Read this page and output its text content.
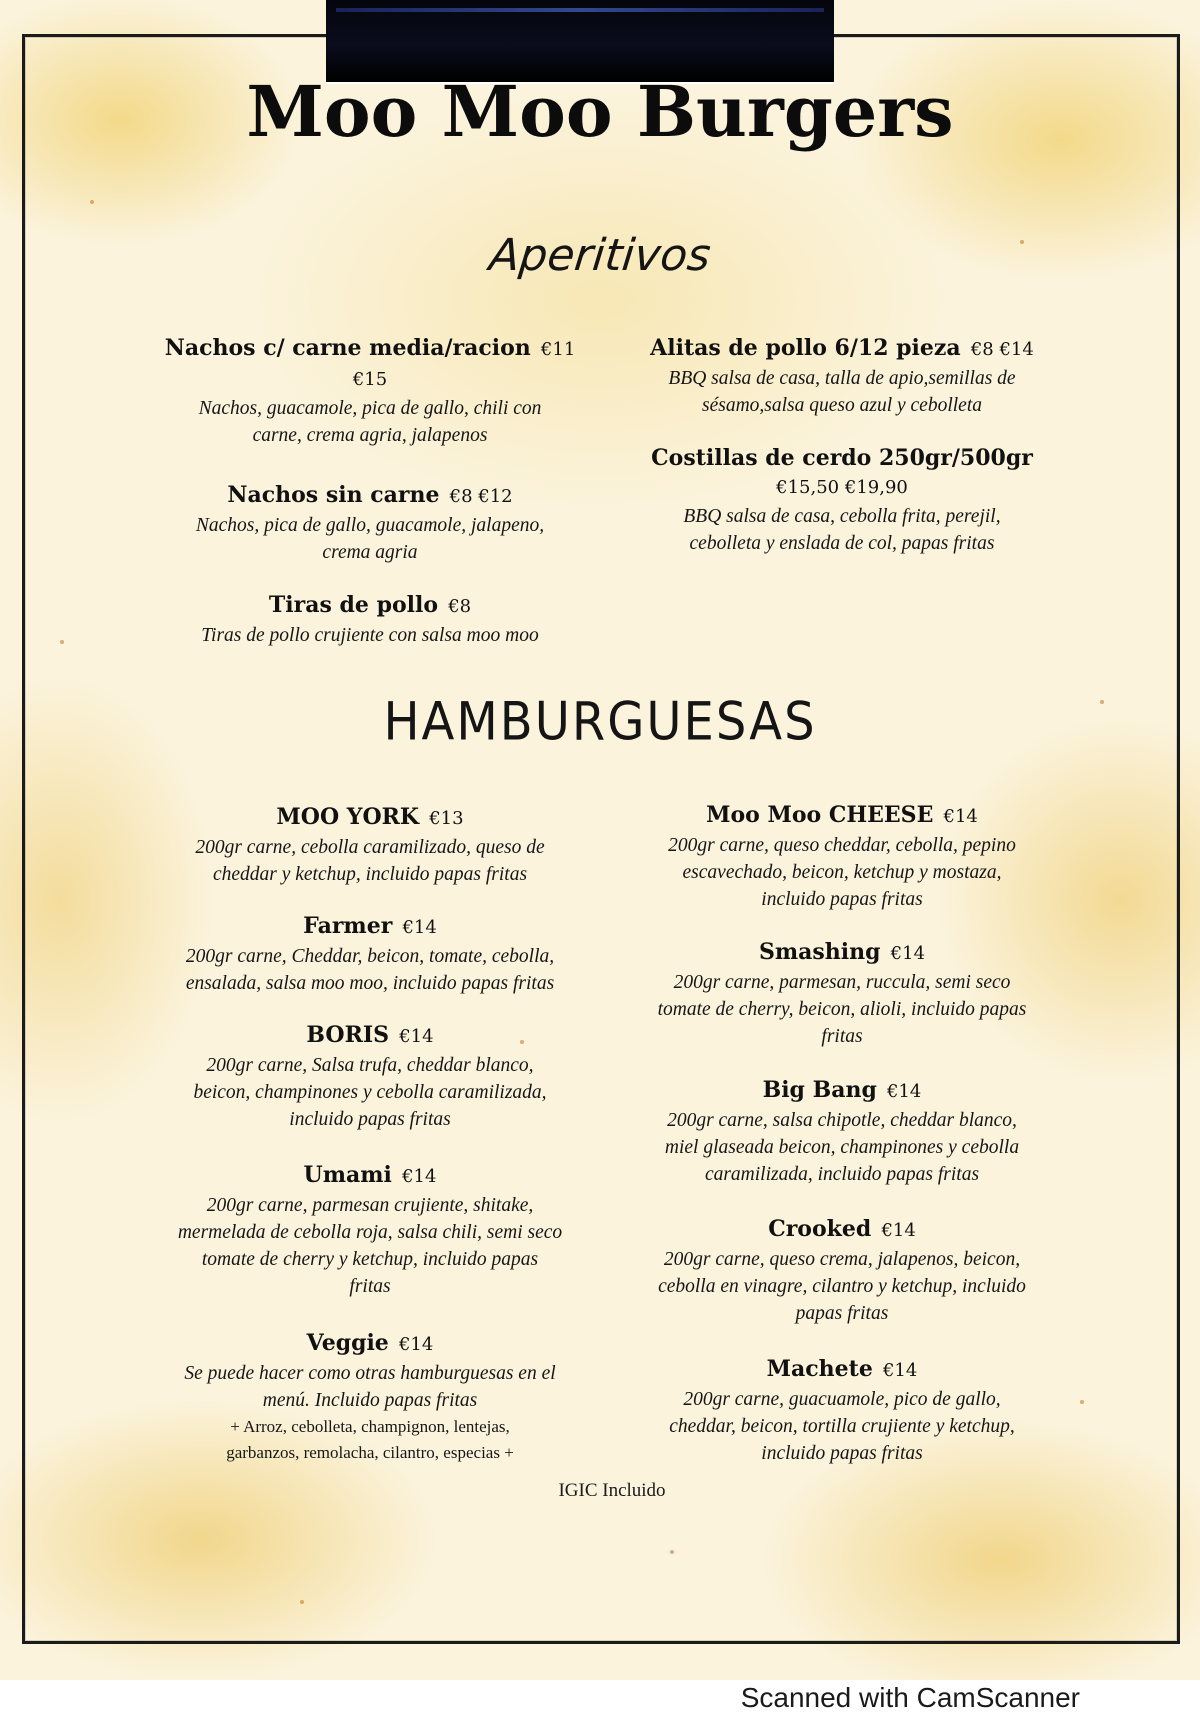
Moo Moo Burgers
Aperitivos
Nachos c/ carne media/racion €11
€15
Nachos, guacamole, pica de gallo, chili con
carne, crema agria, jalapenos
Nachos sin carne €8 €12
Nachos, pica de gallo, guacamole, jalapeno,
crema agria
Tiras de pollo €8
Tiras de pollo crujiente con salsa moo moo
Alitas de pollo 6/12 pieza €8 €14
BBQ salsa de casa, talla de apio,semillas de
sésamo,salsa queso azul y cebolleta
Costillas de cerdo 250gr/500gr
€15,50 €19,90
BBQ salsa de casa, cebolla frita, perejil,
cebolleta y enslada de col, papas fritas
HAMBURGUESAS
MOO YORK €13
200gr carne, cebolla caramilizado, queso de
cheddar y ketchup, incluido papas fritas
Farmer €14
200gr carne, Cheddar, beicon, tomate, cebolla,
ensalada, salsa moo moo, incluido papas fritas
BORIS €14
200gr carne, Salsa trufa, cheddar blanco,
beicon, champinones y cebolla caramilizada,
incluido papas fritas
Umami €14
200gr carne, parmesan crujiente, shitake,
mermelada de cebolla roja, salsa chili, semi seco
tomate de cherry y ketchup, incluido papas
fritas
Veggie €14
Se puede hacer como otras hamburguesas en el
menú. Incluido papas fritas
+ Arroz, cebolleta, champignon, lentejas,
garbanzos, remolacha, cilantro, especias +
Moo Moo CHEESE €14
200gr carne, queso cheddar, cebolla, pepino
escavechado, beicon, ketchup y mostaza,
incluido papas fritas
Smashing €14
200gr carne, parmesan, ruccula, semi seco
tomate de cherry, beicon, alioli, incluido papas
fritas
Big Bang €14
200gr carne, salsa chipotle, cheddar blanco,
miel glaseada beicon, champinones y cebolla
caramilizada, incluido papas fritas
Crooked €14
200gr carne, queso crema, jalapenos, beicon,
cebolla en vinagre, cilantro y ketchup, incluido
papas fritas
Machete €14
200gr carne, guacuamole, pico de gallo,
cheddar, beicon, tortilla crujiente y ketchup,
incluido papas fritas
IGIC Incluido
Scanned with CamScanner
